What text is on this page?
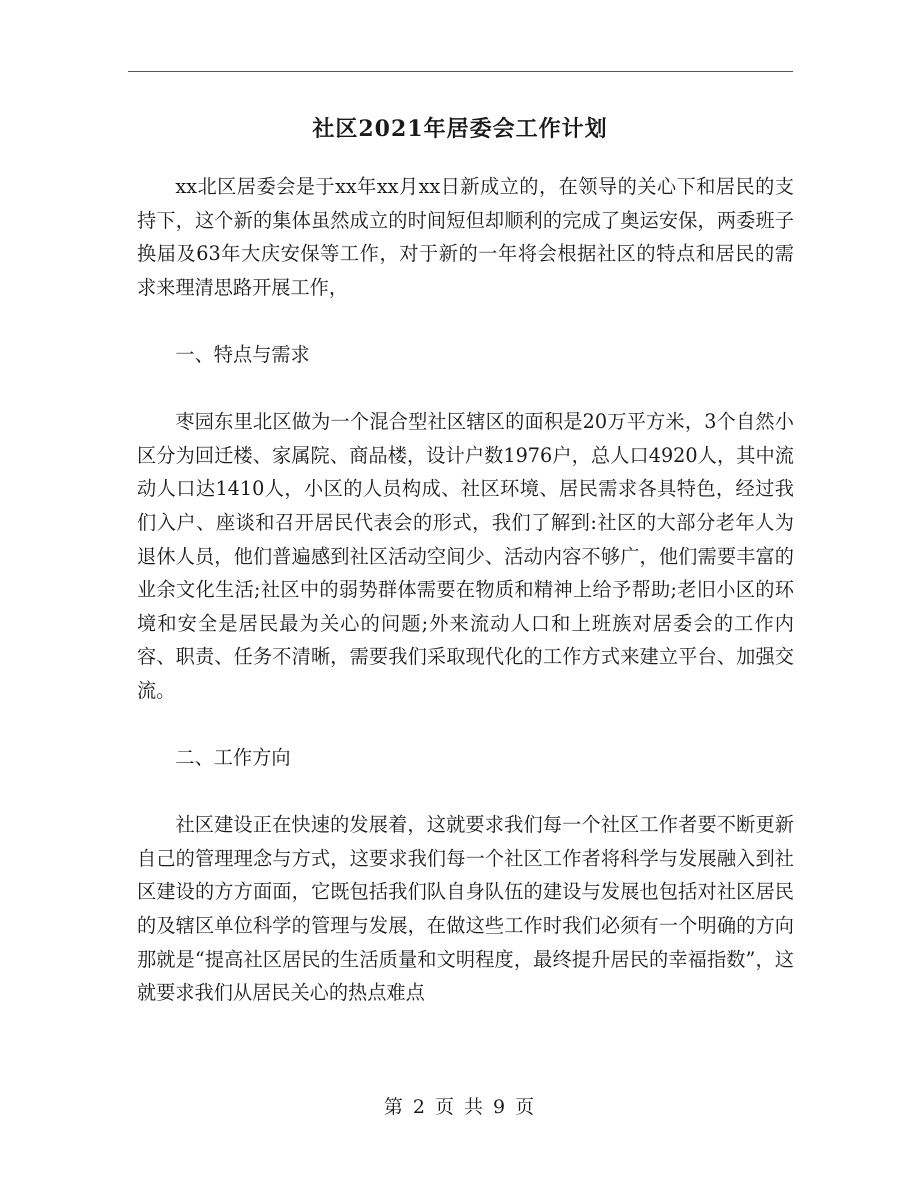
社区2021年居委会工作计划

xx北区居委会是于xx年xx月xx日新成立的，在领导的关心下和居民的支持下，这个新的集体虽然成立的时间短但却顺利的完成了奥运安保，两委班子换届及63年大庆安保等工作，对于新的一年将会根据社区的特点和居民的需求来理清思路开展工作，

一、特点与需求

枣园东里北区做为一个混合型社区辖区的面积是20万平方米，3个自然小区分为回迁楼、家属院、商品楼，设计户数1976户，总人口4920人，其中流动人口达1410人，小区的人员构成、社区环境、居民需求各具特色，经过我们入户、座谈和召开居民代表会的形式，我们了解到:社区的大部分老年人为退休人员，他们普遍感到社区活动空间少、活动内容不够广，他们需要丰富的业余文化生活;社区中的弱势群体需要在物质和精神上给予帮助;老旧小区的环境和安全是居民最为关心的问题;外来流动人口和上班族对居委会的工作内容、职责、任务不清晰，需要我们采取现代化的工作方式来建立平台、加强交流。

二、工作方向

社区建设正在快速的发展着，这就要求我们每一个社区工作者要不断更新自己的管理理念与方式，这要求我们每一个社区工作者将科学与发展融入到社区建设的方方面面，它既包括我们队自身队伍的建设与发展也包括对社区居民的及辖区单位科学的管理与发展，在做这些工作时我们必须有一个明确的方向那就是“提高社区居民的生活质量和文明程度，最终提升居民的幸福指数”，这就要求我们从居民关心的热点难点

第 2 页 共 9 页
